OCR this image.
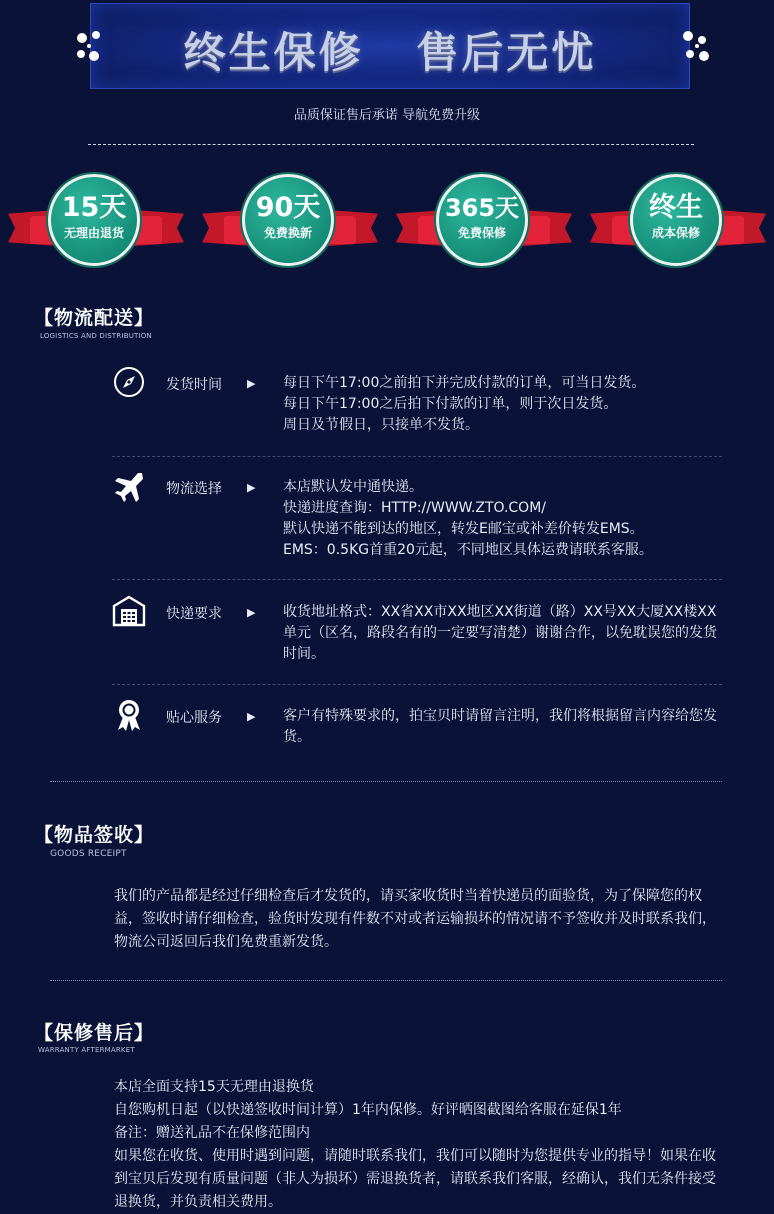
终生保修   售后无忧
品质保证售后承诺 导航免费升级
15天
无理由退货
90天
免费换新
365天
免费保修
终生
成本保修
【物流配送】
LOGISTICS AND DISTRIBUTION
发货时间 ▶ 每日下午17:00之前拍下并完成付款的订单，可当日发货。
每日下午17:00之后拍下付款的订单，则于次日发货。
周日及节假日，只接单不发货。
物流选择 ▶ 本店默认发中通快递。
快递进度查询：HTTP://WWW.ZTO.COM/
默认快递不能到达的地区，转发E邮宝或补差价转发EMS。
EMS：0.5KG首重20元起，不同地区具体运费请联系客服。
快递要求 ▶ 收货地址格式：XX省XX市XX地区XX街道（路）XX号XX大厦XX楼XX单元（区名，路段名有的一定要写清楚）谢谢合作，以免耽误您的发货时间。
贴心服务 ▶ 客户有特殊要求的，拍宝贝时请留言注明，我们将根据留言内容给您发货。
【物品签收】
GOODS RECEIPT
我们的产品都是经过仔细检查后才发货的，请买家收货时当着快递员的面验货，为了保障您的权益，签收时请仔细检查，验货时发现有件数不对或者运输损坏的情况请不予签收并及时联系我们，物流公司返回后我们免费重新发货。
【保修售后】
WARRANTY AFTERMARKET
本店全面支持15天无理由退换货
自您购机日起（以快递签收时间计算）1年内保修。好评晒图截图给客服在延保1年
备注：赠送礼品不在保修范围内
如果您在收货、使用时遇到问题，请随时联系我们，我们可以随时为您提供专业的指导！如果在收到宝贝后发现有质量问题（非人为损坏）需退换货者，请联系我们客服，经确认，我们无条件接受退换货，并负责相关费用。
